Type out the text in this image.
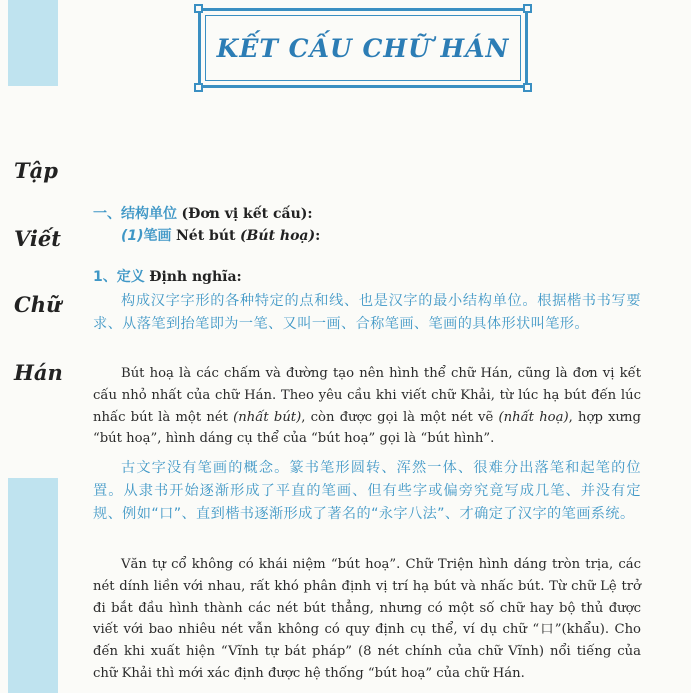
KẾT CẤU CHỮ HÁN
Tập
Viết
Chữ
Hán
一、结构单位 (Đơn vị kết cấu):
(1)笔画 Nét bút (Bút hoạ):
1、定义 Định nghĩa:

构成汉字字形的各种特定的点和线、也是汉字的最小结构单位。根据楷书书写要求、从落笔到抬笔即为一笔、又叫一画、合称笔画、笔画的具体形状叫笔形。

Bút hoạ là các chấm và đường tạo nên hình thể chữ Hán, cũng là đơn vị kết cấu nhỏ nhất của chữ Hán. Theo yêu cầu khi viết chữ Khải, từ lúc hạ bút đến lúc nhấc bút là một nét (nhất bút), còn được gọi là một nét vẽ (nhất hoạ), hợp xưng “bút hoạ”, hình dáng cụ thể của “bút hoạ” gọi là “bút hình”.

古文字没有笔画的概念。篆书笔形圆转、浑然一体、很难分出落笔和起笔的位置。从隶书开始逐渐形成了平直的笔画、但有些字或偏旁究竟写成几笔、并没有定规、例如“口”、直到楷书逐渐形成了著名的“永字八法”、才确定了汉字的笔画系统。

Văn tự cổ không có khái niệm “bút hoạ”. Chữ Triện hình dáng tròn trịa, các nét dính liền với nhau, rất khó phân định vị trí hạ bút và nhấc bút. Từ chữ Lệ trở đi bắt đầu hình thành các nét bút thẳng, nhưng có một số chữ hay bộ thủ được viết với bao nhiêu nét vẫn không có quy định cụ thể, ví dụ chữ “口”(khẩu). Cho đến khi xuất hiện “Vĩnh tự bát pháp” (8 nét chính của chữ Vĩnh) nổi tiếng của chữ Khải thì mới xác định được hệ thống “bút hoạ” của chữ Hán.
